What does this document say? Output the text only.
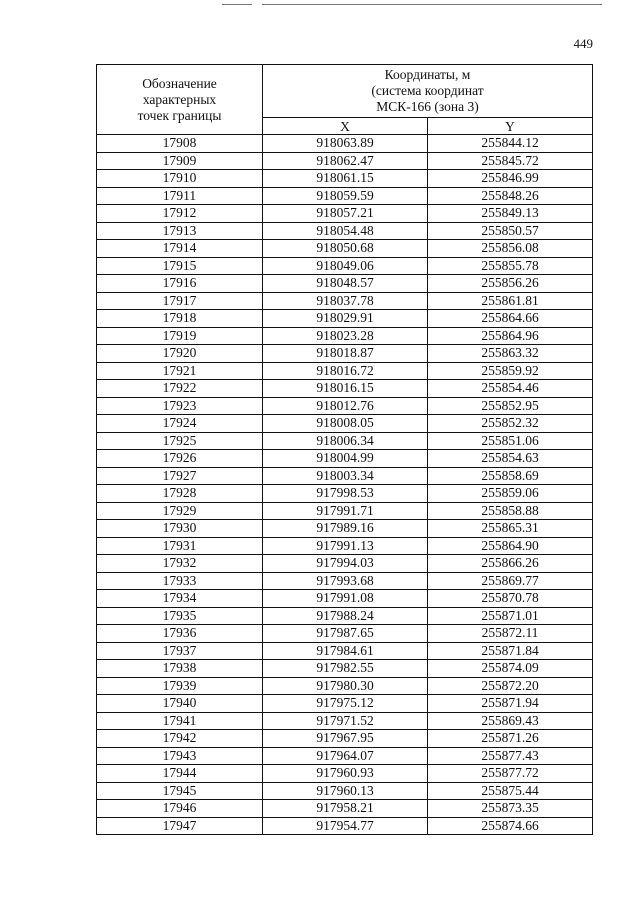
449
Обозначение
характерных
точек границы	Координаты, м
(система координат
МСК-166 (зона 3)	

	X	Y
17908	918063.89	255844.12
17909	918062.47	255845.72
17910	918061.15	255846.99
17911	918059.59	255848.26
17912	918057.21	255849.13
17913	918054.48	255850.57
17914	918050.68	255856.08
17915	918049.06	255855.78
17916	918048.57	255856.26
17917	918037.78	255861.81
17918	918029.91	255864.66
17919	918023.28	255864.96
17920	918018.87	255863.32
17921	918016.72	255859.92
17922	918016.15	255854.46
17923	918012.76	255852.95
17924	918008.05	255852.32
17925	918006.34	255851.06
17926	918004.99	255854.63
17927	918003.34	255858.69
17928	917998.53	255859.06
17929	917991.71	255858.88
17930	917989.16	255865.31
17931	917991.13	255864.90
17932	917994.03	255866.26
17933	917993.68	255869.77
17934	917991.08	255870.78
17935	917988.24	255871.01
17936	917987.65	255872.11
17937	917984.61	255871.84
17938	917982.55	255874.09
17939	917980.30	255872.20
17940	917975.12	255871.94
17941	917971.52	255869.43
17942	917967.95	255871.26
17943	917964.07	255877.43
17944	917960.93	255877.72
17945	917960.13	255875.44
17946	917958.21	255873.35
17947	917954.77	255874.66
